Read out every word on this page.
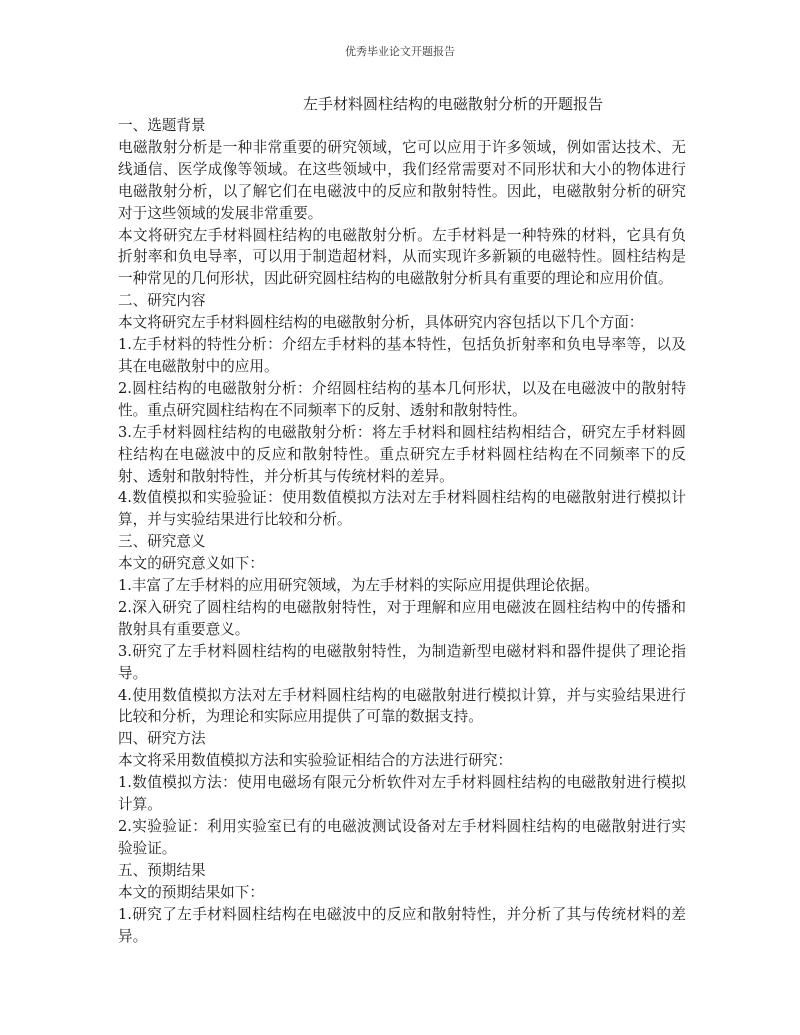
优秀毕业论文开题报告
左手材料圆柱结构的电磁散射分析的开题报告

一、选题背景

电磁散射分析是一种非常重要的研究领域，它可以应用于许多领域，例如雷达技术、无线通信、医学成像等领域。在这些领域中，我们经常需要对不同形状和大小的物体进行电磁散射分析，以了解它们在电磁波中的反应和散射特性。因此，电磁散射分析的研究对于这些领域的发展非常重要。

本文将研究左手材料圆柱结构的电磁散射分析。左手材料是一种特殊的材料，它具有负折射率和负电导率，可以用于制造超材料，从而实现许多新颖的电磁特性。圆柱结构是一种常见的几何形状，因此研究圆柱结构的电磁散射分析具有重要的理论和应用价值。

二、研究内容

本文将研究左手材料圆柱结构的电磁散射分析，具体研究内容包括以下几个方面：

1.左手材料的特性分析：介绍左手材料的基本特性，包括负折射率和负电导率等，以及其在电磁散射中的应用。

2.圆柱结构的电磁散射分析：介绍圆柱结构的基本几何形状，以及在电磁波中的散射特性。重点研究圆柱结构在不同频率下的反射、透射和散射特性。

3.左手材料圆柱结构的电磁散射分析：将左手材料和圆柱结构相结合，研究左手材料圆柱结构在电磁波中的反应和散射特性。重点研究左手材料圆柱结构在不同频率下的反射、透射和散射特性，并分析其与传统材料的差异。

4.数值模拟和实验验证：使用数值模拟方法对左手材料圆柱结构的电磁散射进行模拟计算，并与实验结果进行比较和分析。

三、研究意义

本文的研究意义如下：

1.丰富了左手材料的应用研究领域，为左手材料的实际应用提供理论依据。

2.深入研究了圆柱结构的电磁散射特性，对于理解和应用电磁波在圆柱结构中的传播和散射具有重要意义。

3.研究了左手材料圆柱结构的电磁散射特性，为制造新型电磁材料和器件提供了理论指导。

4.使用数值模拟方法对左手材料圆柱结构的电磁散射进行模拟计算，并与实验结果进行比较和分析，为理论和实际应用提供了可靠的数据支持。

四、研究方法

本文将采用数值模拟方法和实验验证相结合的方法进行研究：

1.数值模拟方法：使用电磁场有限元分析软件对左手材料圆柱结构的电磁散射进行模拟计算。

2.实验验证：利用实验室已有的电磁波测试设备对左手材料圆柱结构的电磁散射进行实验验证。

五、预期结果

本文的预期结果如下：

1.研究了左手材料圆柱结构在电磁波中的反应和散射特性，并分析了其与传统材料的差异。
